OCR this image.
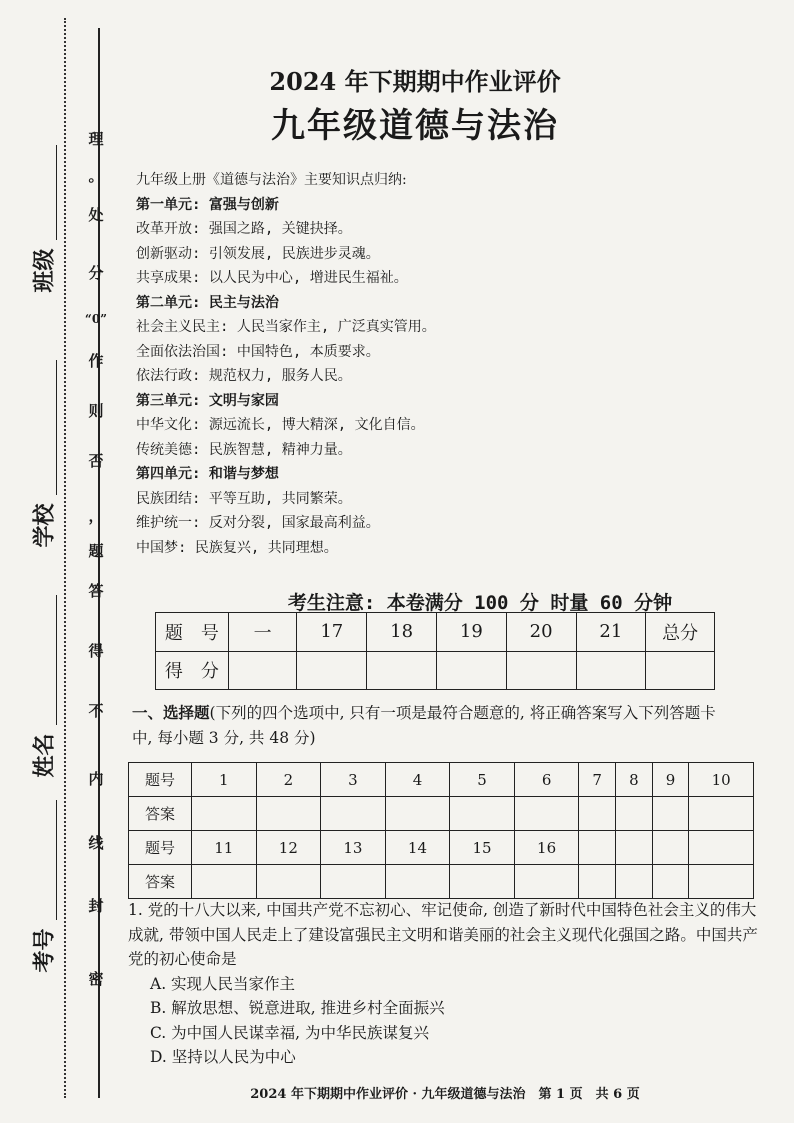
班级
学校
姓名
考号
理
。
处
分
“0”
作
则
否
，
题
答
得
不
内
线
封
密
2024 年下期期中作业评价
九年级道德与法治
九年级上册《道德与法治》主要知识点归纳:
第一单元: 富强与创新
改革开放: 强国之路, 关键抉择。
创新驱动: 引领发展, 民族进步灵魂。
共享成果: 以人民为中心, 增进民生福祉。
第二单元: 民主与法治
社会主义民主: 人民当家作主, 广泛真实管用。
全面依法治国: 中国特色, 本质要求。
依法行政: 规范权力, 服务人民。
第三单元: 文明与家园
中华文化: 源远流长, 博大精深, 文化自信。
传统美德: 民族智慧, 精神力量。
第四单元: 和谐与梦想
民族团结: 平等互助, 共同繁荣。
维护统一: 反对分裂, 国家最高利益。
中国梦: 民族复兴, 共同理想。
考生注意: 本卷满分 100 分 时量 60 分钟
题　号	一	17	18	19	20	21	总分
得　分							
一、选择题(下列的四个选项中, 只有一项是最符合题意的, 将正确答案写入下列答题卡中, 每小题 3 分, 共 48 分)
题号	1	2	3	4	5	6	7	8	9	10
答案										
题号	11	12	13	14	15	16				
答案										
1. 党的十八大以来, 中国共产党不忘初心、牢记使命, 创造了新时代中国特色社会主义的伟大成就, 带领中国人民走上了建设富强民主文明和谐美丽的社会主义现代化强国之路。中国共产党的初心使命是
A. 实现人民当家作主
B. 解放思想、锐意进取, 推进乡村全面振兴
C. 为中国人民谋幸福, 为中华民族谋复兴
D. 坚持以人民为中心
2024 年下期期中作业评价 · 九年级道德与法治　第 1 页　共 6 页
